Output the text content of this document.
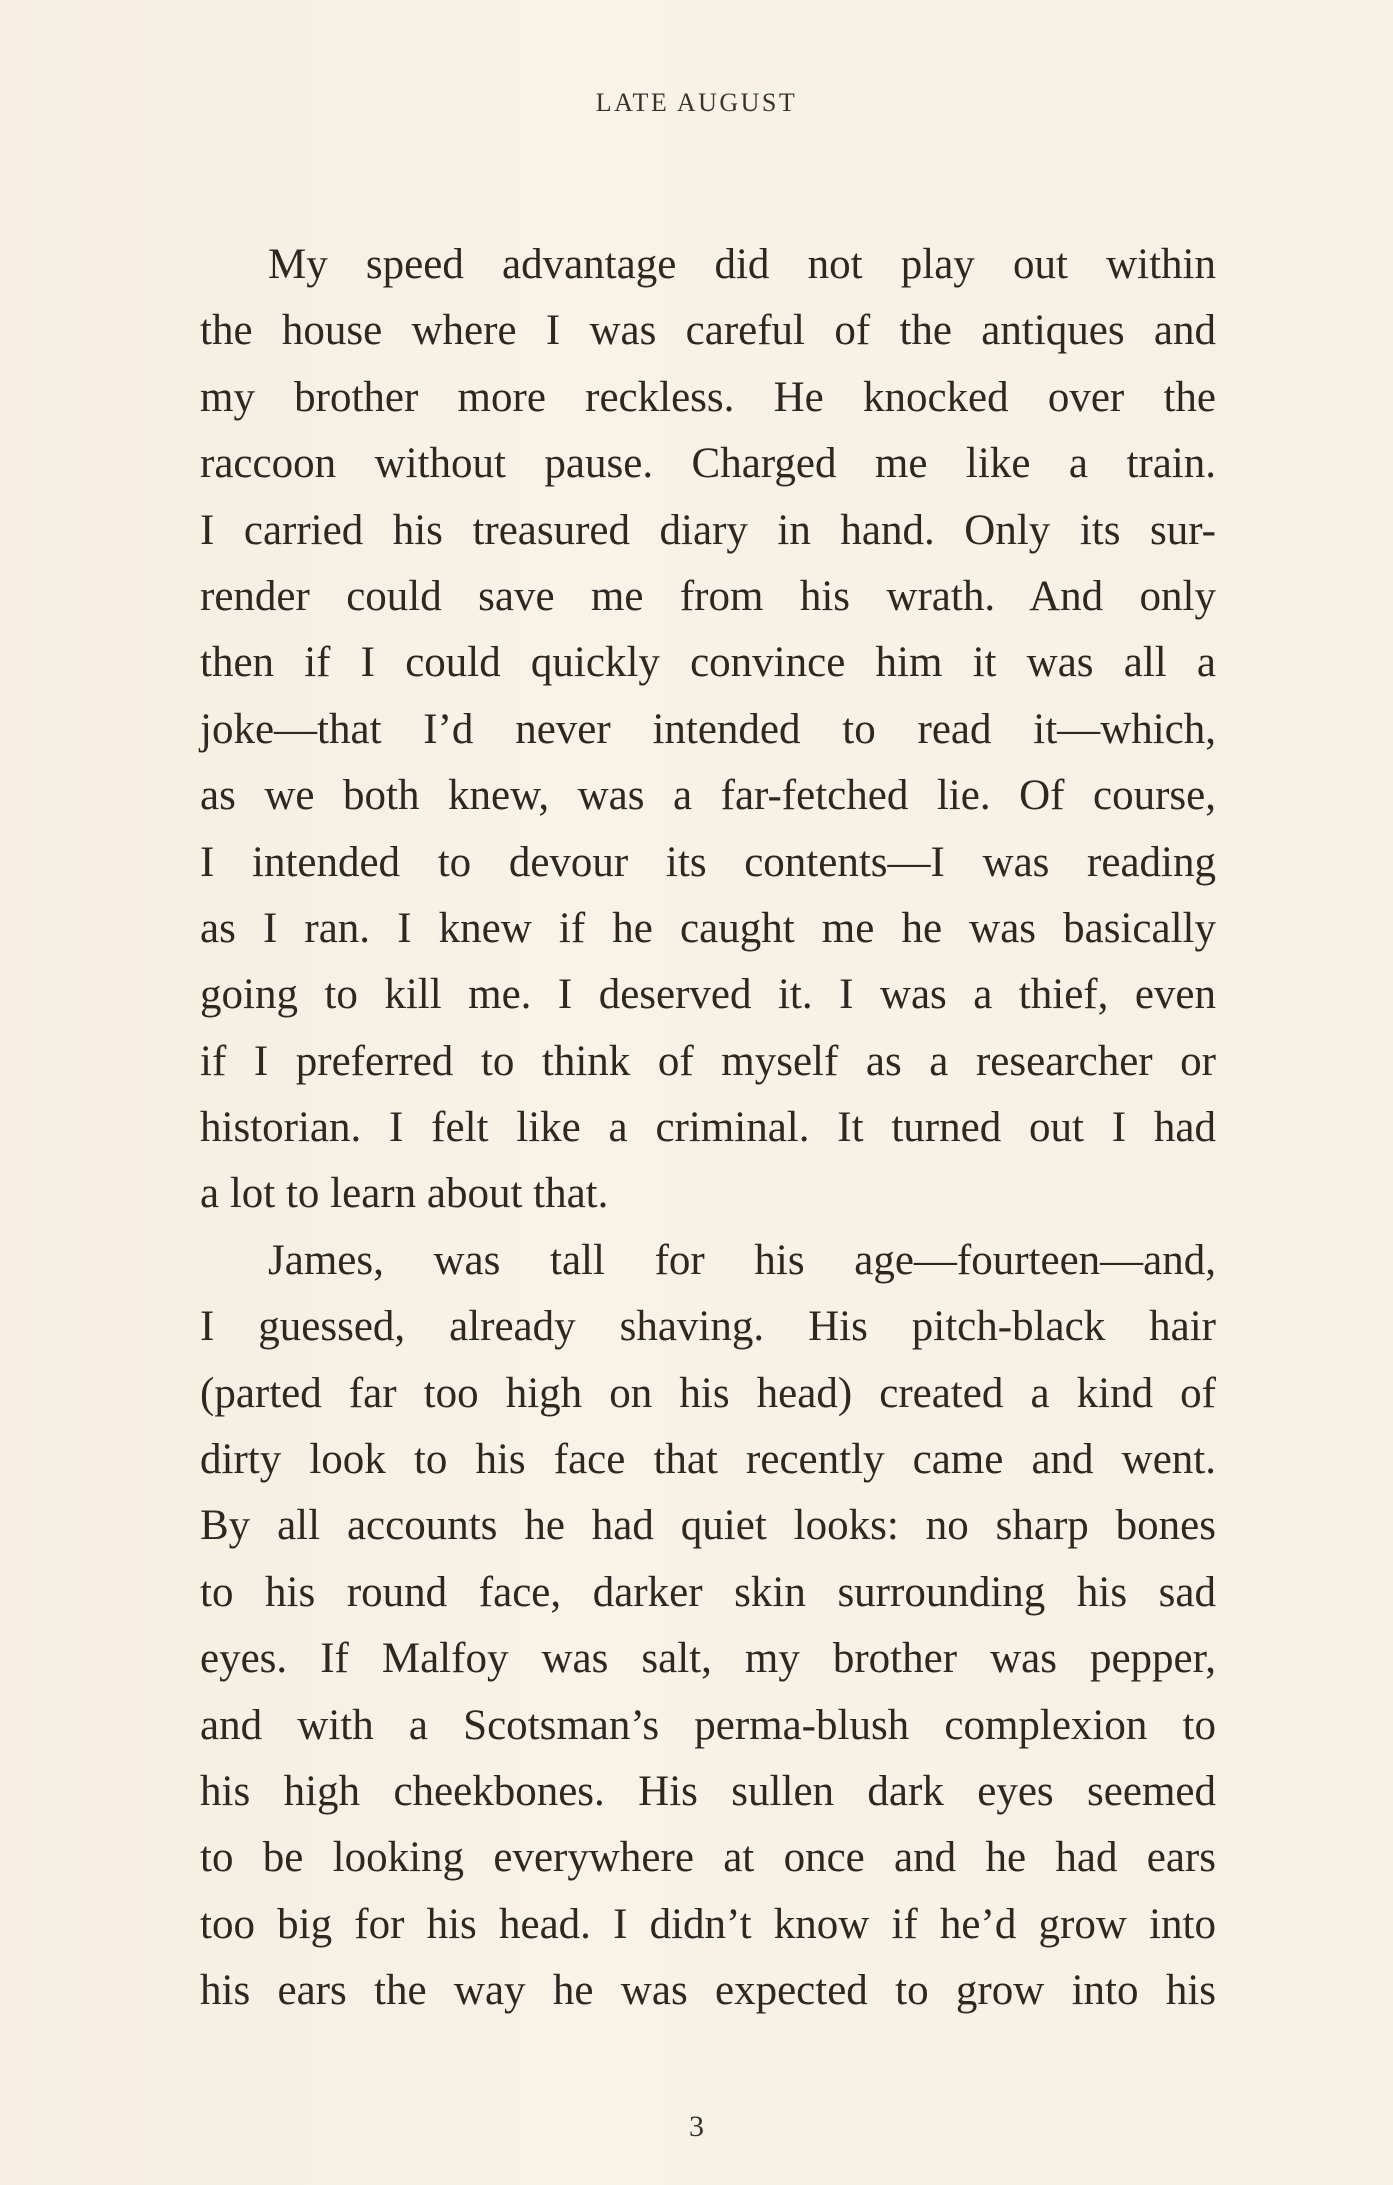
LATE AUGUST
My speed advantage did not play out within
the house where I was careful of the antiques and
my brother more reckless. He knocked over the
raccoon without pause. Charged me like a train.
I carried his treasured diary in hand. Only its sur-
render could save me from his wrath. And only
then if I could quickly convince him it was all a
joke—that I’d never intended to read it—which,
as we both knew, was a far-fetched lie. Of course,
I intended to devour its contents—I was reading
as I ran. I knew if he caught me he was basically
going to kill me. I deserved it. I was a thief, even
if I preferred to think of myself as a researcher or
historian. I felt like a criminal. It turned out I had
a lot to learn about that.
James, was tall for his age—fourteen—and,
I guessed, already shaving. His pitch-black hair
(parted far too high on his head) created a kind of
dirty look to his face that recently came and went.
By all accounts he had quiet looks: no sharp bones
to his round face, darker skin surrounding his sad
eyes. If Malfoy was salt, my brother was pepper,
and with a Scotsman’s perma-blush complexion to
his high cheekbones. His sullen dark eyes seemed
to be looking everywhere at once and he had ears
too big for his head. I didn’t know if he’d grow into
his ears the way he was expected to grow into his
3
